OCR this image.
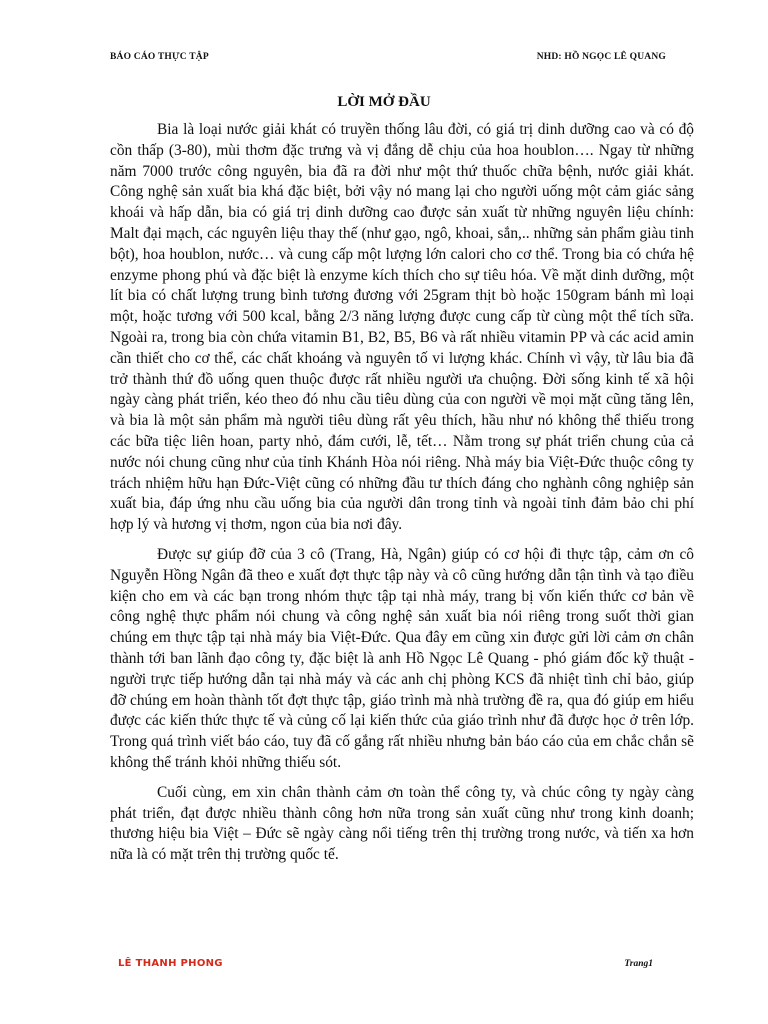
BÁO CÁO THỰC TẬP	NHD: HỒ NGỌC LÊ QUANG
LỜI MỞ ĐẦU

Bia là loại nước giải khát có truyền thống lâu đời, có giá trị dinh dưỡng cao và có độ cồn thấp (3-80), mùi thơm đặc trưng và vị đắng dễ chịu của hoa houblon…. Ngay từ những năm 7000 trước công nguyên, bia đã ra đời như một thứ thuốc chữa bệnh, nước giải khát. Công nghệ sản xuất bia khá đặc biệt, bởi vậy nó mang lại cho người uống một cảm giác sảng khoái và hấp dẫn, bia có giá trị dinh dưỡng cao được sản xuất từ những nguyên liệu chính: Malt đại mạch, các nguyên liệu thay thế (như gạo, ngô, khoai, sắn,.. những sản phẩm giàu tinh bột), hoa houblon, nước… và cung cấp một lượng lớn calori cho cơ thể. Trong bia có chứa hệ enzyme phong phú và đặc biệt là enzyme kích thích cho sự tiêu hóa. Về mặt dinh dưỡng, một lít bia có chất lượng trung bình tương đương với 25gram thịt bò hoặc 150gram bánh mì loại một, hoặc tương với 500 kcal, bằng 2/3 năng lượng được cung cấp từ cùng một thể tích sữa. Ngoài ra, trong bia còn chứa vitamin B1, B2, B5, B6 và rất nhiều vitamin PP và các acid amin cần thiết cho cơ thể, các chất khoáng và nguyên tố vi lượng khác. Chính vì vậy, từ lâu bia đã trở thành thứ đồ uống quen thuộc được rất nhiều người ưa chuộng. Đời sống kinh tế xã hội ngày càng phát triển, kéo theo đó nhu cầu tiêu dùng của con người về mọi mặt cũng tăng lên, và bia là một sản phẩm mà người tiêu dùng rất yêu thích, hầu như nó không thể thiếu trong các bữa tiệc liên hoan, party nhỏ, đám cưới, lễ, tết… Nằm trong sự phát triển chung của cả nước nói chung cũng như của tỉnh Khánh Hòa nói riêng. Nhà máy bia Việt-Đức thuộc công ty trách nhiệm hữu hạn Đức-Việt cũng có những đầu tư thích đáng cho nghành công nghiệp sản xuất bia, đáp ứng nhu cầu uống bia của người dân trong tỉnh và ngoài tỉnh đảm bảo chi phí hợp lý và hương vị thơm, ngon của bia nơi đây.

Được sự giúp đỡ của 3 cô (Trang, Hà, Ngân) giúp có cơ hội đi thực tập, cảm ơn cô Nguyễn Hồng Ngân đã theo e xuất đợt thực tập này và cô cũng hướng dẫn tận tình và tạo điều kiện cho em và các bạn trong nhóm thực tập tại nhà máy, trang bị vốn kiến thức cơ bản về công nghệ thực phẩm nói chung và công nghệ sản xuất bia nói riêng trong suốt thời gian chúng em thực tập tại nhà máy bia Việt-Đức. Qua đây em cũng xin được gửi lời cảm ơn chân thành tới ban lãnh đạo công ty, đặc biệt là anh Hồ Ngọc Lê Quang - phó giám đốc kỹ thuật - người trực tiếp hướng dẫn tại nhà máy và các anh chị phòng KCS đã nhiệt tình chỉ bảo, giúp đỡ chúng em hoàn thành tốt đợt thực tập, giáo trình mà nhà trường đề ra, qua đó giúp em hiểu được các kiến thức thực tế và củng cố lại kiến thức của giáo trình như đã được học ở trên lớp. Trong quá trình viết báo cáo, tuy đã cố gắng rất nhiều nhưng bản báo cáo của em chắc chắn sẽ không thể tránh khỏi những thiếu sót.

Cuối cùng, em xin chân thành cảm ơn toàn thể công ty, và chúc công ty ngày càng phát triển, đạt được nhiều thành công hơn nữa trong sản xuất cũng như trong kinh doanh; thương hiệu bia Việt – Đức sẽ ngày càng nổi tiếng trên thị trường trong nước, và tiến xa hơn nữa là có mặt trên thị trường quốc tế.

LÊ THANH PHONG	Trang1
